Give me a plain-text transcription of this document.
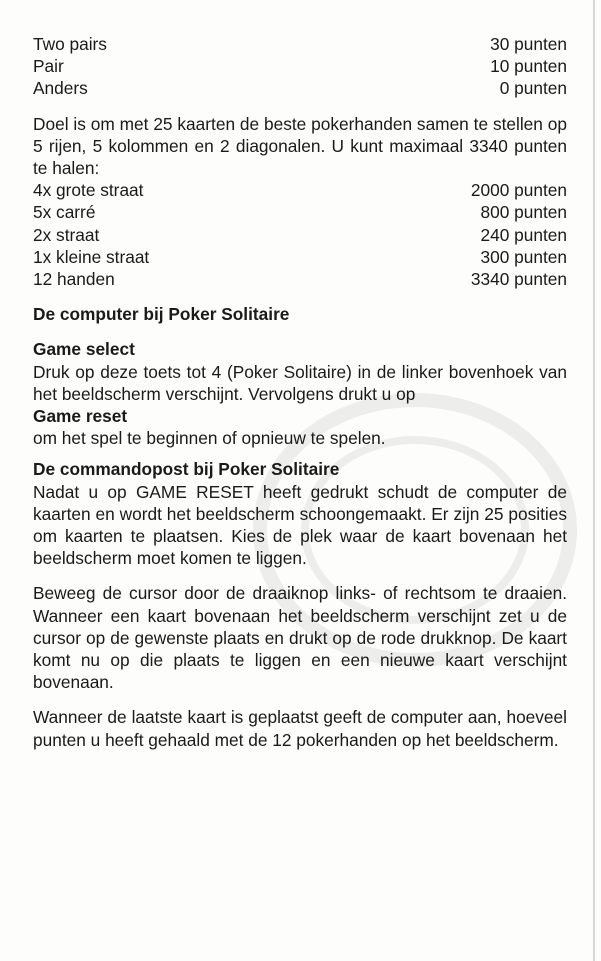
Two pairs	30 punten
Pair	10 punten
Anders	0 punten

Doel is om met 25 kaarten de beste pokerhanden samen te stellen op 5 rijen, 5 kolommen en 2 diagonalen. U kunt maximaal 3340 punten te halen:

4x grote straat	2000 punten
5x carré	800 punten
2x straat	240 punten
1x kleine straat	300 punten
12 handen	3340 punten
De computer bij Poker Solitaire
Game select

Druk op deze toets tot 4 (Poker Solitaire) in de linker bovenhoek van het beeldscherm verschijnt. Vervolgens drukt u op

Game reset

om het spel te beginnen of opnieuw te spelen.

De commandopost bij Poker Solitaire

Nadat u op GAME RESET heeft gedrukt schudt de computer de kaarten en wordt het beeldscherm schoongemaakt. Er zijn 25 posities om kaarten te plaatsen. Kies de plek waar de kaart bovenaan het beeldscherm moet komen te liggen.

Beweeg de cursor door de draaiknop links- of rechtsom te draaien. Wanneer een kaart bovenaan het beeldscherm verschijnt zet u de cursor op de gewenste plaats en drukt op de rode drukknop. De kaart komt nu op die plaats te liggen en een nieuwe kaart verschijnt bovenaan.

Wanneer de laatste kaart is geplaatst geeft de computer aan, hoeveel punten u heeft gehaald met de 12 pokerhanden op het beeldscherm.
